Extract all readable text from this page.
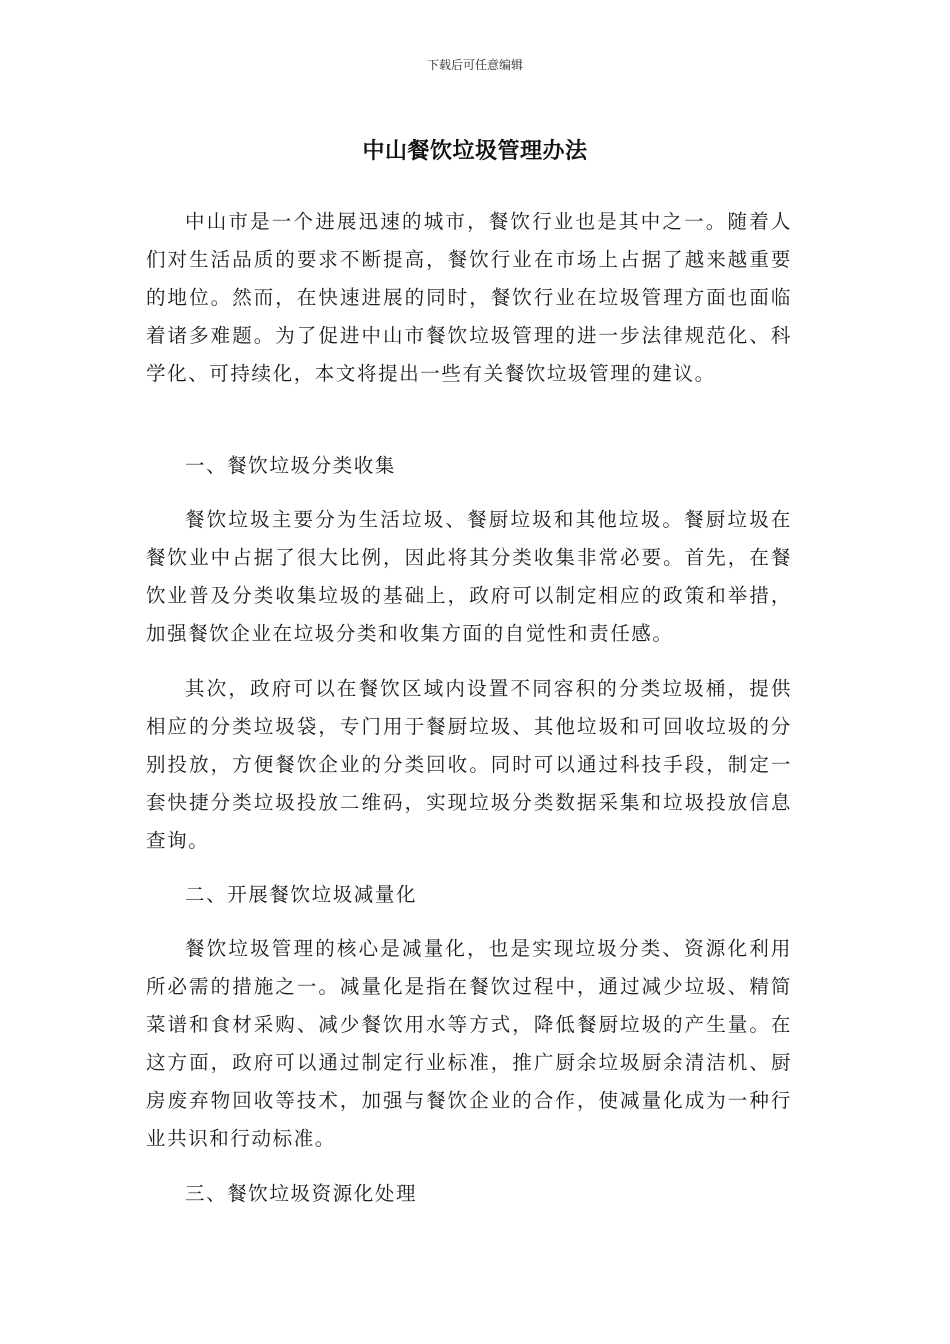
下载后可任意编辑
中山餐饮垃圾管理办法

中山市是一个进展迅速的城市，餐饮行业也是其中之一。随着人们对生活品质的要求不断提高，餐饮行业在市场上占据了越来越重要的地位。然而，在快速进展的同时，餐饮行业在垃圾管理方面也面临着诸多难题。为了促进中山市餐饮垃圾管理的进一步法律规范化、科学化、可持续化，本文将提出一些有关餐饮垃圾管理的建议。

一、餐饮垃圾分类收集

餐饮垃圾主要分为生活垃圾、餐厨垃圾和其他垃圾。餐厨垃圾在餐饮业中占据了很大比例，因此将其分类收集非常必要。首先，在餐饮业普及分类收集垃圾的基础上，政府可以制定相应的政策和举措，加强餐饮企业在垃圾分类和收集方面的自觉性和责任感。

其次，政府可以在餐饮区域内设置不同容积的分类垃圾桶，提供相应的分类垃圾袋，专门用于餐厨垃圾、其他垃圾和可回收垃圾的分别投放，方便餐饮企业的分类回收。同时可以通过科技手段，制定一套快捷分类垃圾投放二维码，实现垃圾分类数据采集和垃圾投放信息查询。

二、开展餐饮垃圾减量化

餐饮垃圾管理的核心是减量化，也是实现垃圾分类、资源化利用所必需的措施之一。减量化是指在餐饮过程中，通过减少垃圾、精简菜谱和食材采购、减少餐饮用水等方式，降低餐厨垃圾的产生量。在这方面，政府可以通过制定行业标准，推广厨余垃圾厨余清洁机、厨房废弃物回收等技术，加强与餐饮企业的合作，使减量化成为一种行业共识和行动标准。

三、餐饮垃圾资源化处理
